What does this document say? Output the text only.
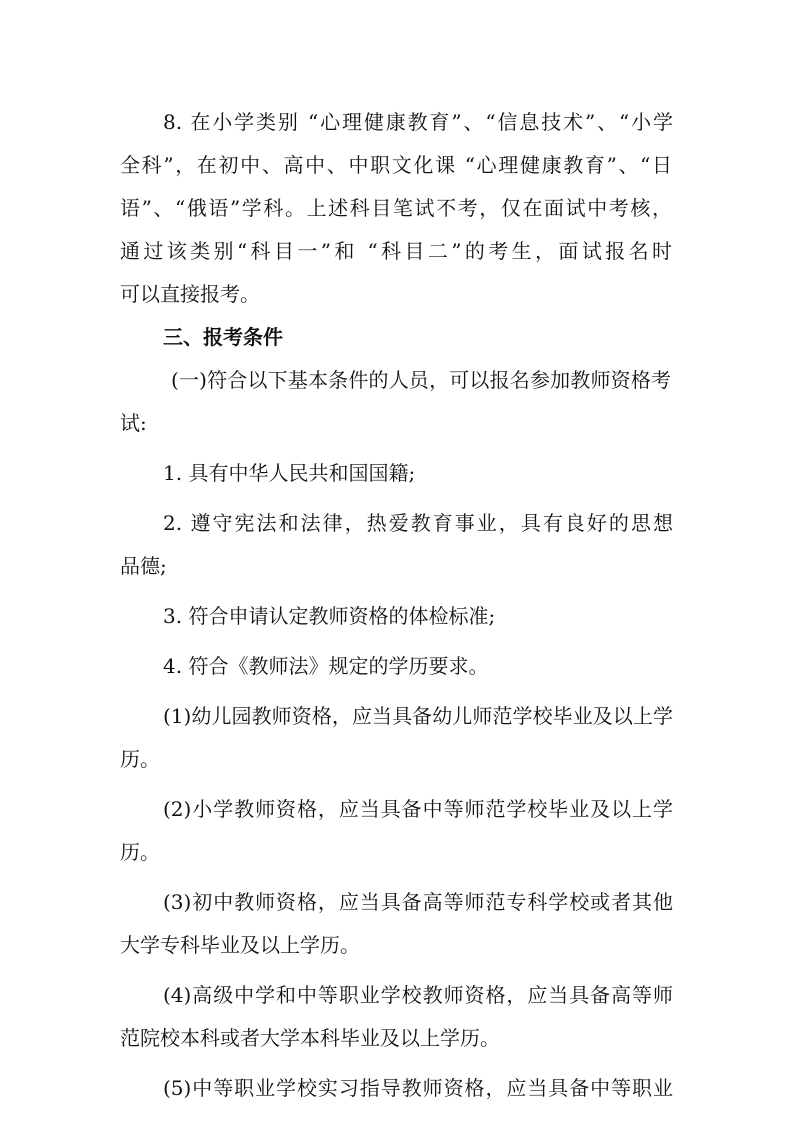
8. 在小学类别 “心理健康教育”、“信息技术”、“小学
全科”，在初中、高中、中职文化课 “心理健康教育”、“日
语”、“俄语”学科。上述科目笔试不考，仅在面试中考核，
通过该类别“科目一”和 “科目二”的考生，面试报名时
可以直接报考。
三、报考条件
(一)符合以下基本条件的人员，可以报名参加教师资格考
试:
1. 具有中华人民共和国国籍;
2. 遵守宪法和法律，热爱教育事业，具有良好的思想
品德;
3. 符合申请认定教师资格的体检标准;
4. 符合《教师法》规定的学历要求。
(1)幼儿园教师资格，应当具备幼儿师范学校毕业及以上学
历。
(2)小学教师资格，应当具备中等师范学校毕业及以上学
历。
(3)初中教师资格，应当具备高等师范专科学校或者其他
大学专科毕业及以上学历。
(4)高级中学和中等职业学校教师资格，应当具备高等师
范院校本科或者大学本科毕业及以上学历。
(5)中等职业学校实习指导教师资格，应当具备中等职业
